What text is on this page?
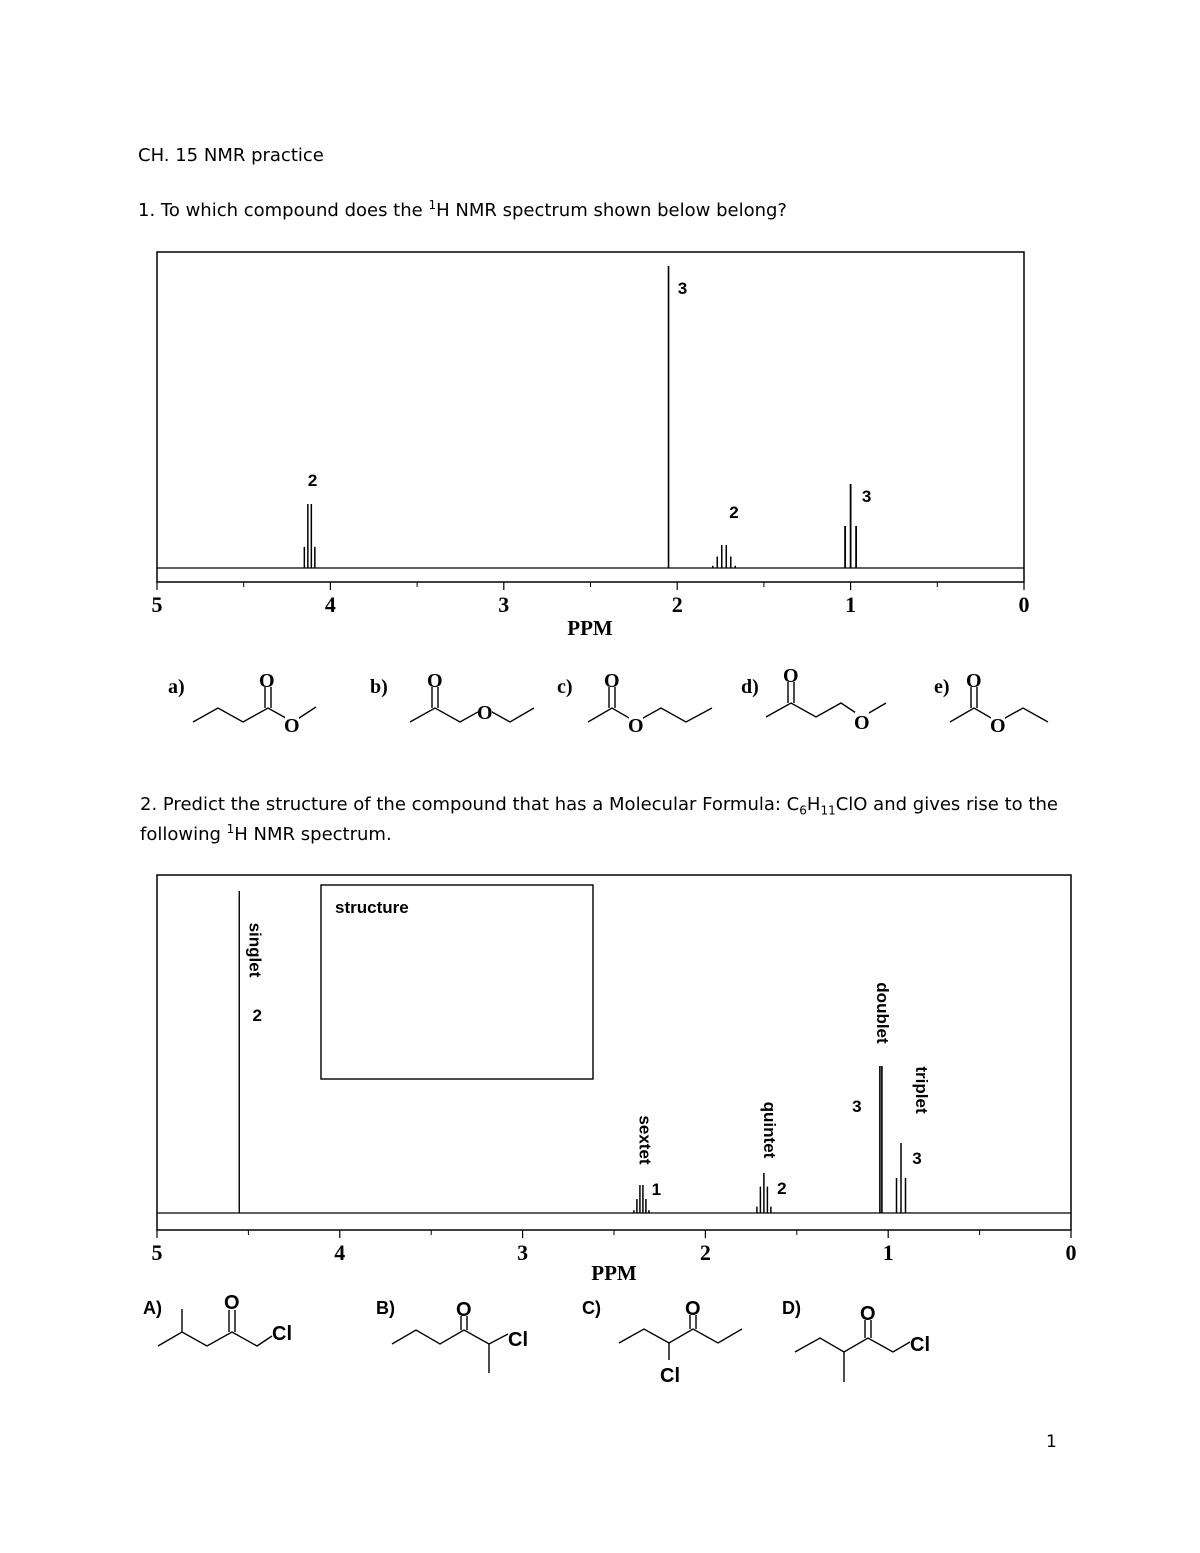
CH. 15 NMR practice
1. To which compound does the $^1$H NMR spectrum shown below belong?
2
3
2
3
5	4	3	2	1	0
PPM
a)	O
O
b) O
O
c) O
O
d) O
O
e) O
O
2. Predict the structure of the compound that has a Molecular Formula: $C_6H_{11}ClO$ and gives rise to the
following $^1$H NMR spectrum.
structure
2
singlet
1
sextet
2
quintet	3
doublet
3
triplet
5	4	3	2	1	0
PPM
A)	O
Cl
B)	O
Cl
C)	O
Cl
D)	O
Cl
1
